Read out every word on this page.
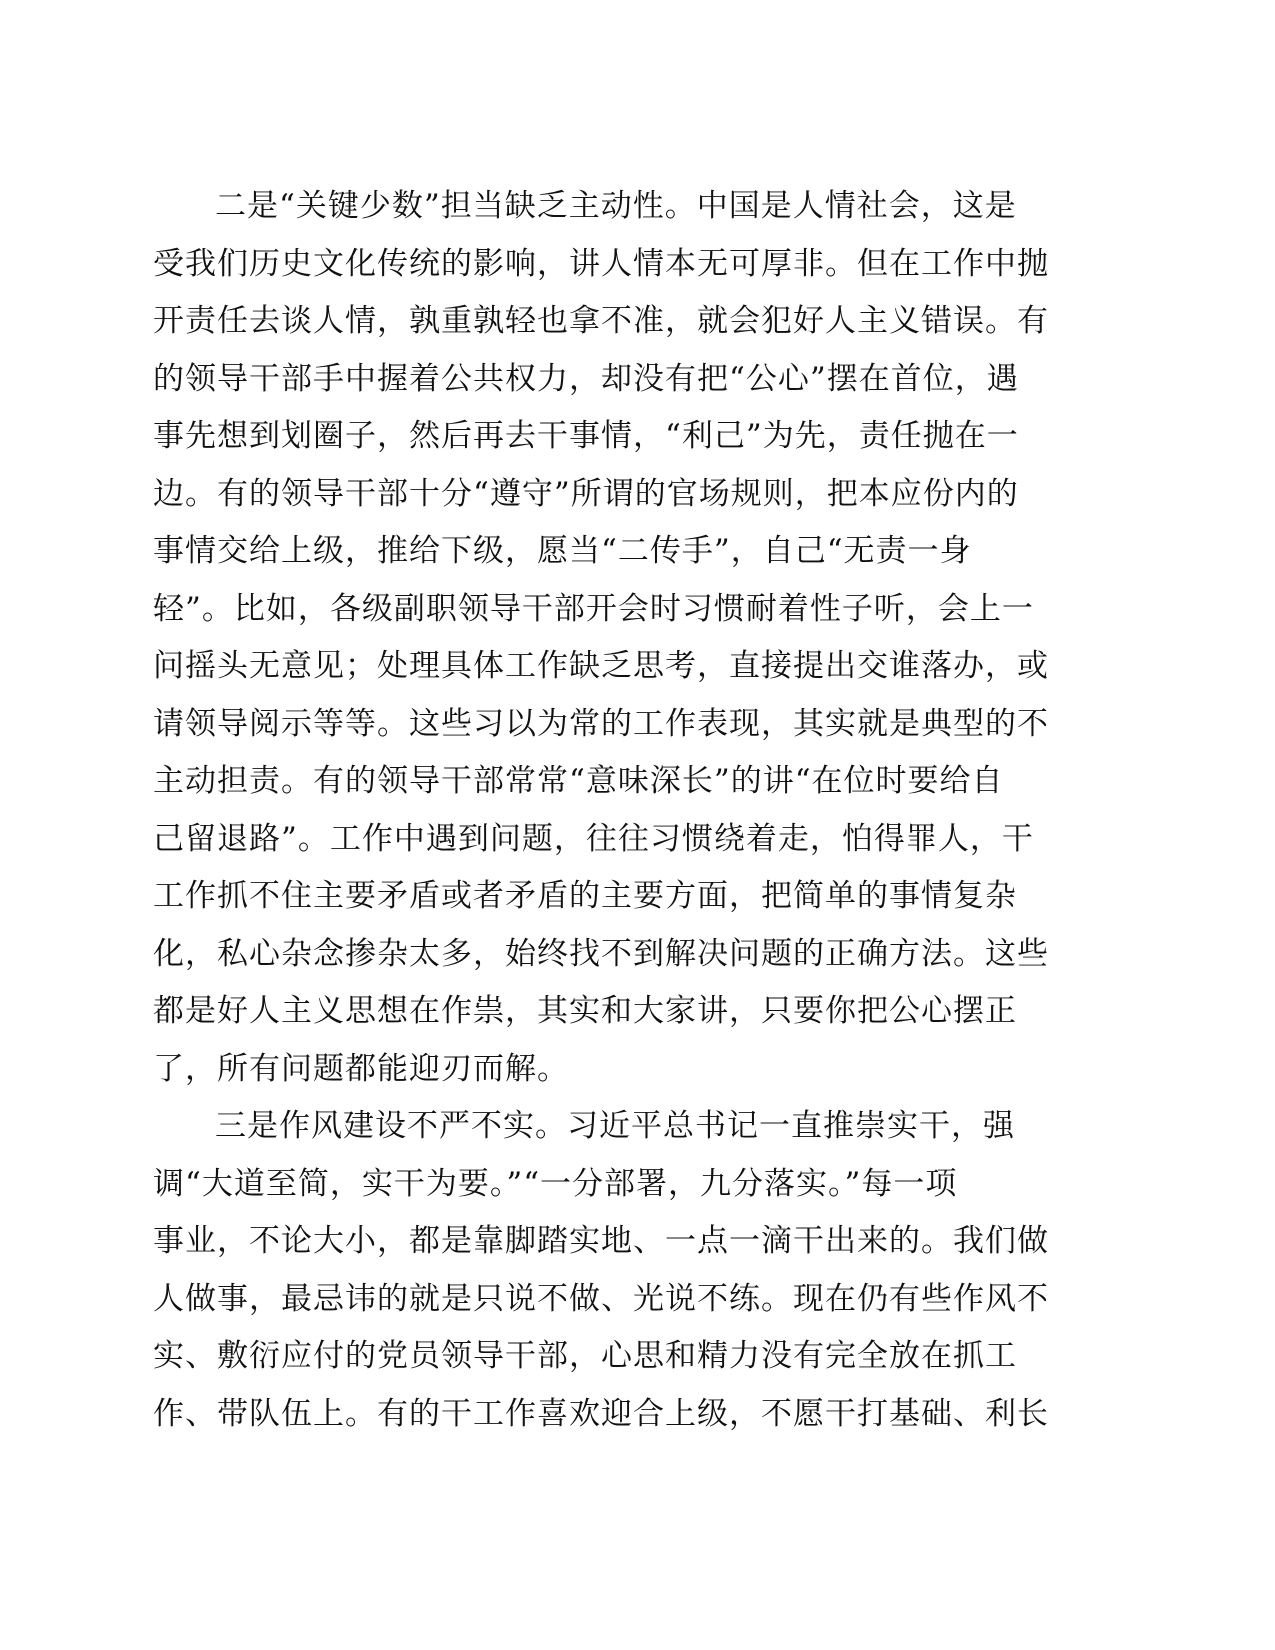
二是“关键少数”担当缺乏主动性。中国是人情社会，这是
受我们历史文化传统的影响，讲人情本无可厚非。但在工作中抛
开责任去谈人情，孰重孰轻也拿不准，就会犯好人主义错误。有
的领导干部手中握着公共权力，却没有把“公心”摆在首位，遇
事先想到划圈子，然后再去干事情，“利己”为先，责任抛在一
边。有的领导干部十分“遵守”所谓的官场规则，把本应份内的
事情交给上级，推给下级，愿当“二传手”，自己“无责一身
轻”。比如，各级副职领导干部开会时习惯耐着性子听，会上一
问摇头无意见；处理具体工作缺乏思考，直接提出交谁落办，或
请领导阅示等等。这些习以为常的工作表现，其实就是典型的不
主动担责。有的领导干部常常“意味深长”的讲“在位时要给自
己留退路”。工作中遇到问题，往往习惯绕着走，怕得罪人，干
工作抓不住主要矛盾或者矛盾的主要方面，把简单的事情复杂
化，私心杂念掺杂太多，始终找不到解决问题的正确方法。这些
都是好人主义思想在作祟，其实和大家讲，只要你把公心摆正
了，所有问题都能迎刃而解。
三是作风建设不严不实。习近平总书记一直推崇实干，强
调“大道至简，实干为要。”“一分部署，九分落实。”每一项
事业，不论大小，都是靠脚踏实地、一点一滴干出来的。我们做
人做事，最忌讳的就是只说不做、光说不练。现在仍有些作风不
实、敷衍应付的党员领导干部，心思和精力没有完全放在抓工
作、带队伍上。有的干工作喜欢迎合上级，不愿干打基础、利长
